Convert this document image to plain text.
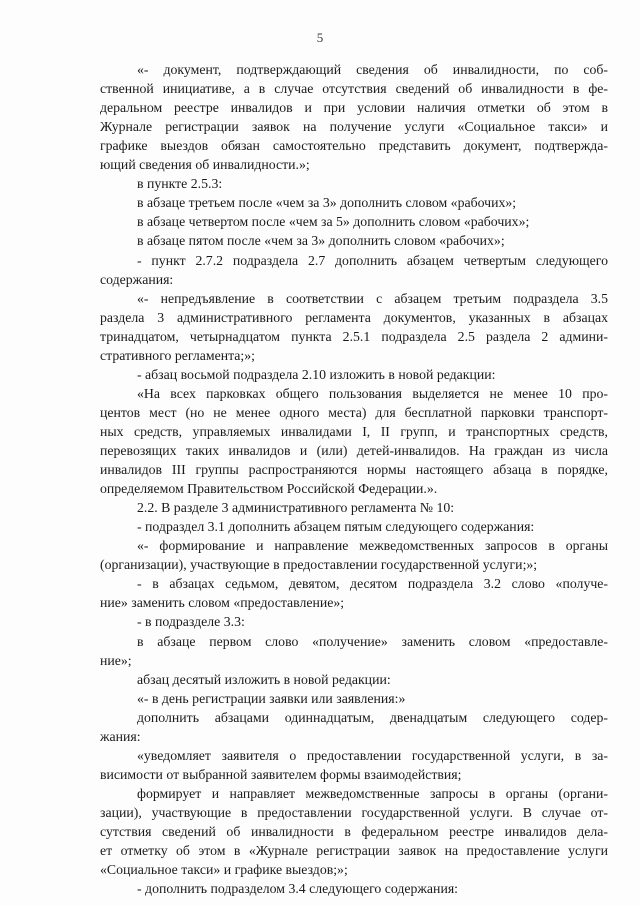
5

«- документ, подтверждающий сведения об инвалидности, по соб-

ственной инициативе, а в случае отсутствия сведений об инвалидности в фе-

деральном реестре инвалидов и при условии наличия отметки об этом в

Журнале регистрации заявок на получение услуги «Социальное такси» и

графике выездов обязан самостоятельно представить документ, подтвержда-

ющий сведения об инвалидности.»;

в пункте 2.5.3:

в абзаце третьем после «чем за 3» дополнить словом «рабочих»;

в абзаце четвертом после «чем за 5» дополнить словом «рабочих»;

в абзаце пятом после «чем за 3» дополнить словом «рабочих»;

- пункт 2.7.2 подраздела 2.7 дополнить абзацем четвертым следующего

содержания:

«- непредъявление в соответствии с абзацем третьим подраздела 3.5

раздела 3 административного регламента документов, указанных в абзацах

тринадцатом, четырнадцатом пункта 2.5.1 подраздела 2.5 раздела 2 админи-

стративного регламента;»;

- абзац восьмой подраздела 2.10 изложить в новой редакции:

«На всех парковках общего пользования выделяется не менее 10 про-

центов мест (но не менее одного места) для бесплатной парковки транспорт-

ных средств, управляемых инвалидами I, II групп, и транспортных средств,

перевозящих таких инвалидов и (или) детей-инвалидов. На граждан из числа

инвалидов III группы распространяются нормы настоящего абзаца в порядке,

определяемом Правительством Российской Федерации.».

2.2. В разделе 3 административного регламента № 10:

- подраздел 3.1 дополнить абзацем пятым следующего содержания:

«- формирование и направление межведомственных запросов в органы

(организации), участвующие в предоставлении государственной услуги;»;

- в абзацах седьмом, девятом, десятом подраздела 3.2 слово «получе-

ние» заменить словом «предоставление»;

- в подразделе 3.3:

в абзаце первом слово «получение» заменить словом «предоставле-

ние»;

абзац десятый изложить в новой редакции:

«- в день регистрации заявки или заявления:»

дополнить абзацами одиннадцатым, двенадцатым следующего содер-

жания:

«уведомляет заявителя о предоставлении государственной услуги, в за-

висимости от выбранной заявителем формы взаимодействия;

формирует и направляет межведомственные запросы в органы (органи-

зации), участвующие в предоставлении государственной услуги. В случае от-

сутствия сведений об инвалидности в федеральном реестре инвалидов дела-

ет отметку об этом в «Журнале регистрации заявок на предоставление услуги

«Социальное такси» и графике выездов;»;

- дополнить подразделом 3.4 следующего содержания:
